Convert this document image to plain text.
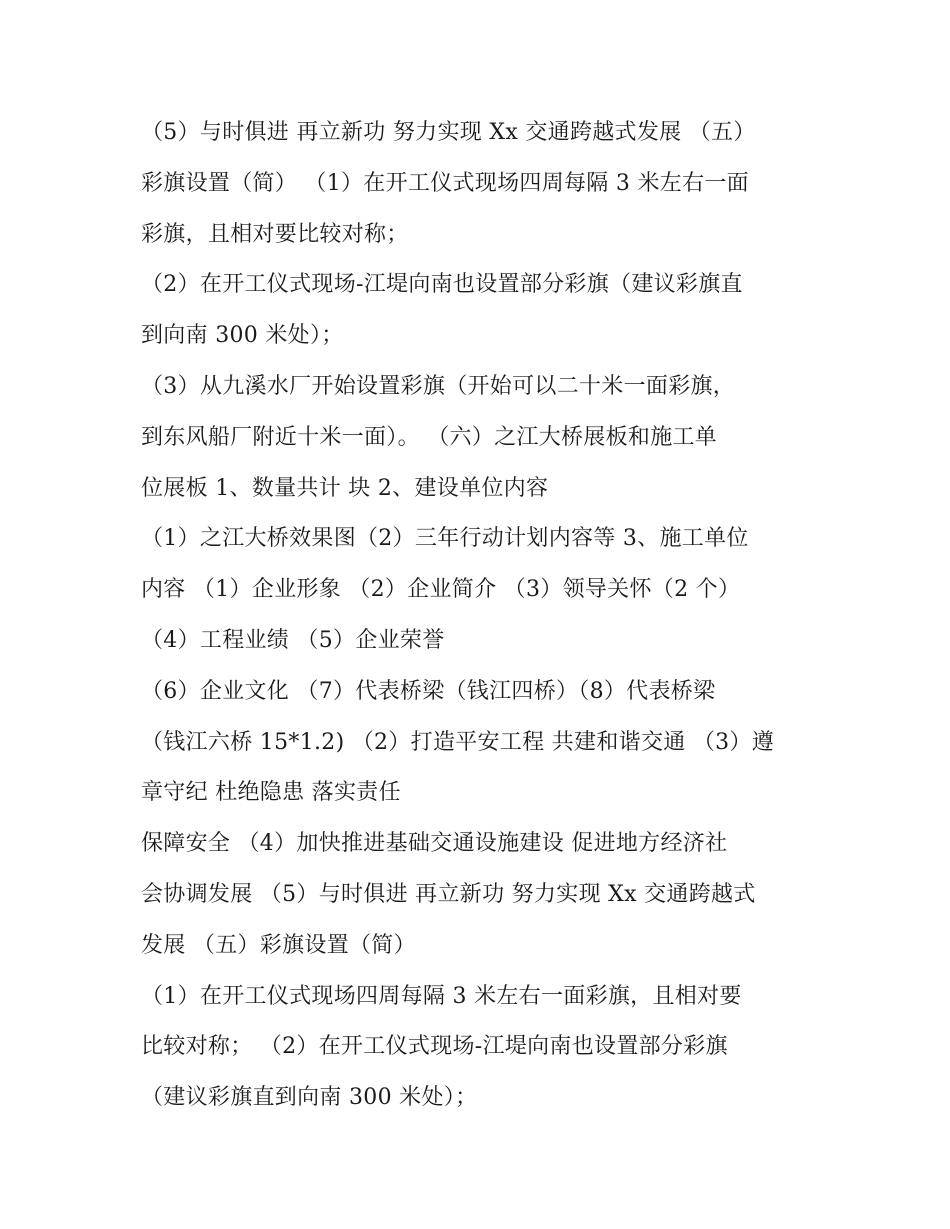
（5）与时俱进 再立新功 努力实现 Xx 交通跨越式发展 （五）
彩旗设置（简） （1）在开工仪式现场四周每隔 3 米左右一面
彩旗，且相对要比较对称；
（2）在开工仪式现场-江堤向南也设置部分彩旗（建议彩旗直
到向南 300 米处）；
（3）从九溪水厂开始设置彩旗（开始可以二十米一面彩旗，
到东风船厂附近十米一面）。 （六）之江大桥展板和施工单
位展板 1、数量共计 块 2、建设单位内容
（1）之江大桥效果图（2）三年行动计划内容等 3、施工单位
内容 （1）企业形象 （2）企业简介 （3）领导关怀（2 个）
（4）工程业绩 （5）企业荣誉
（6）企业文化 （7）代表桥梁（钱江四桥）（8）代表桥梁
（钱江六桥 15*1.2) （2）打造平安工程 共建和谐交通 （3）遵
章守纪 杜绝隐患 落实责任
保障安全 （4）加快推进基础交通设施建设 促进地方经济社
会协调发展 （5）与时俱进 再立新功 努力实现 Xx 交通跨越式
发展 （五）彩旗设置（简）
（1）在开工仪式现场四周每隔 3 米左右一面彩旗，且相对要
比较对称； （2）在开工仪式现场-江堤向南也设置部分彩旗
（建议彩旗直到向南 300 米处）；
